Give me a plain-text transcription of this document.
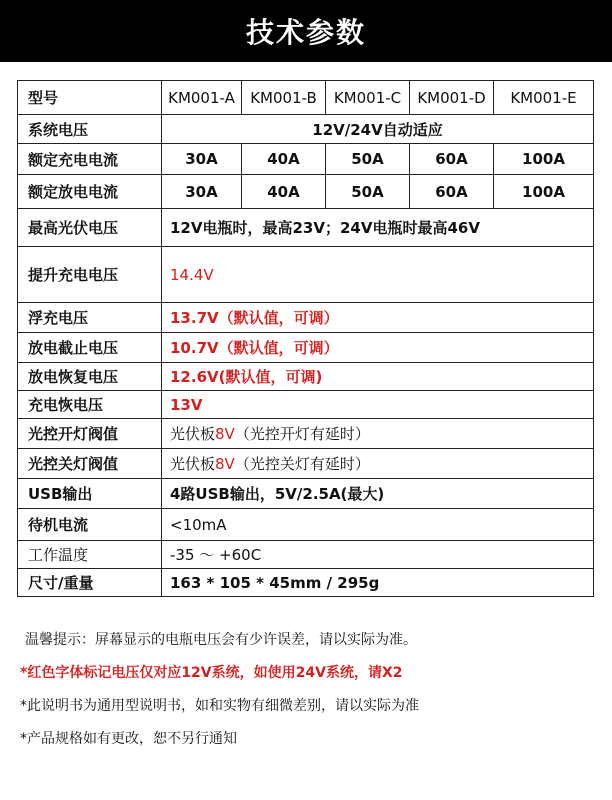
技术参数
型号	KM001-A	KM001-B	KM001-C	KM001-D	KM001-E
系统电压	12V/24V自动适应				
额定充电电流	30A	40A	50A	60A	100A
额定放电电流	30A	40A	50A	60A	100A
最高光伏电压	12V电瓶时，最高23V；24V电瓶时最高46V				
提升充电电压	14.4V				
浮充电压	13.7V（默认值，可调）				
放电截止电压	10.7V（默认值，可调）				
放电恢复电压	12.6V(默认值，可调)				
充电恢电压	13V				
光控开灯阀值	光伏板8V（光控开灯有延时）				
光控关灯阀值	光伏板8V（光控关灯有延时）				
USB输出	4路USB输出，5V/2.5A(最大)				
待机电流	<10mA				
工作温度	-35 ～ +60C				
尺寸/重量	163 * 105 * 45mm / 295g				
温馨提示：屏幕显示的电瓶电压会有少许误差，请以实际为准。
*红色字体标记电压仅对应12V系统，如使用24V系统，请X2
*此说明书为通用型说明书，如和实物有细微差别，请以实际为准
*产品规格如有更改，恕不另行通知
